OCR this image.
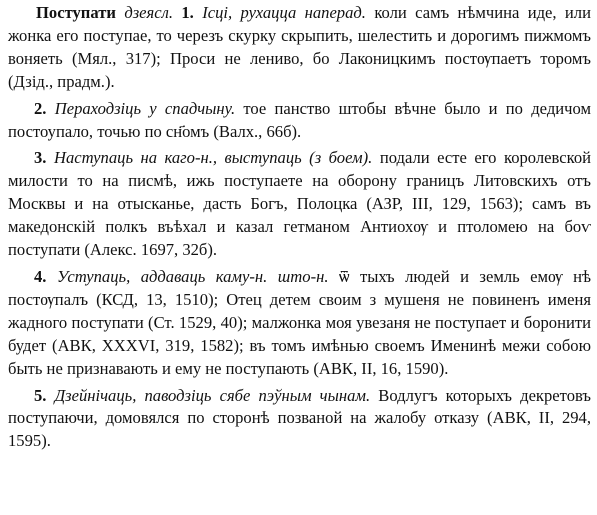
Поступати дзеясл. 1. Ісці, рухацца наперад. коли самъ нѣмчина иде, или жонка его поступае, то черезъ скурку скрыпить, шелестить и дорогимъ пижмомъ воняеть (Мял., 317); Проси не лениво, бо Лаконицкимъ постѹпаетъ торомъ (Дзід., прадм.).

2. Пераходзіць у спадчыну. тое панство штобы вѣчне было и по дедичом постоупало, точью по сн҃омъ (Валх., 66б).

3. Наступаць на каго-н., выступаць (з боем). подали есте его королевской милости то на писмѣ, ижь поступаете на оборону границъ Литовскихъ отъ Москвы и на отысканье, дасть Богъ, Полоцка (АЗР, III, 129, 1563); самъ въ македонскій полкъ въѣхал и казал гетманом Антиохѹ и птоломею на боѵ поступати (Алекс. 1697, 32б).

4. Уступаць, аддаваць каму-н. што-н. ѿ тыхъ людей и земль емѹ нѣ постѹпалъ (КСД, 13, 1510); Отец детем своим з мушеня не повиненъ именя жадного поступати (Ст. 1529, 40); малжонка моя увезаня не поступает и боронити будет (АВК, XXXVI, 319, 1582); въ томъ имѣнью своемъ Именинѣ межи собою быть не признавають и ему не поступають (АВК, II, 16, 1590).

5. Дзейнічаць, паводзіць сябе пэўным чынам. Водлугъ которыхъ декретовъ поступаючи, домовялся по сторонѣ позваной на жалобу отказу (АВК, II, 294, 1595).
